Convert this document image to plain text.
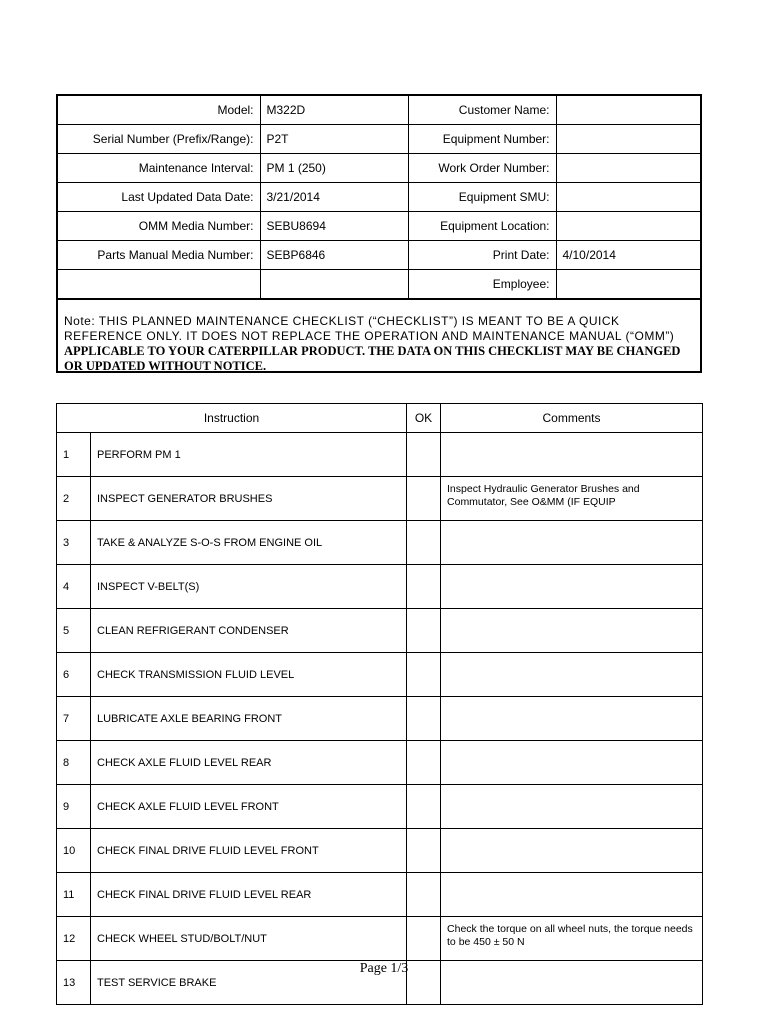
Model:	M322D	Customer Name:	
Serial Number (Prefix/Range):	P2T	Equipment Number:	
Maintenance Interval:	PM 1 (250)	Work Order Number:	
Last Updated Data Date:	3/21/2014	Equipment SMU:	
OMM Media Number:	SEBU8694	Equipment Location:	
Parts Manual Media Number:	SEBP6846	Print Date:	4/10/2014
		Employee:	
Note: THIS PLANNED MAINTENANCE CHECKLIST (“CHECKLIST”) IS MEANT TO BE A QUICK REFERENCE ONLY. IT DOES NOT REPLACE THE OPERATION AND MAINTENANCE MANUAL (“OMM”)
APPLICABLE TO YOUR CATERPILLAR PRODUCT. THE DATA ON THIS CHECKLIST MAY BE CHANGED OR UPDATED WITHOUT NOTICE.
Instruction		OK	Comments
1	PERFORM PM 1		
2	INSPECT GENERATOR BRUSHES		Inspect Hydraulic Generator Brushes and Commutator, See O&MM (IF EQUIP
3	TAKE & ANALYZE S-O-S FROM ENGINE OIL		
4	INSPECT V-BELT(S)		
5	CLEAN REFRIGERANT CONDENSER		
6	CHECK TRANSMISSION FLUID LEVEL		
7	LUBRICATE AXLE BEARING FRONT		
8	CHECK AXLE FLUID LEVEL REAR		
9	CHECK AXLE FLUID LEVEL FRONT		
10	CHECK FINAL DRIVE FLUID LEVEL FRONT		
11	CHECK FINAL DRIVE FLUID LEVEL REAR		
12	CHECK WHEEL STUD/BOLT/NUT		Check the torque on all wheel nuts, the torque needs to be 450 ± 50 N
13	TEST SERVICE BRAKE		
Page 1/3
